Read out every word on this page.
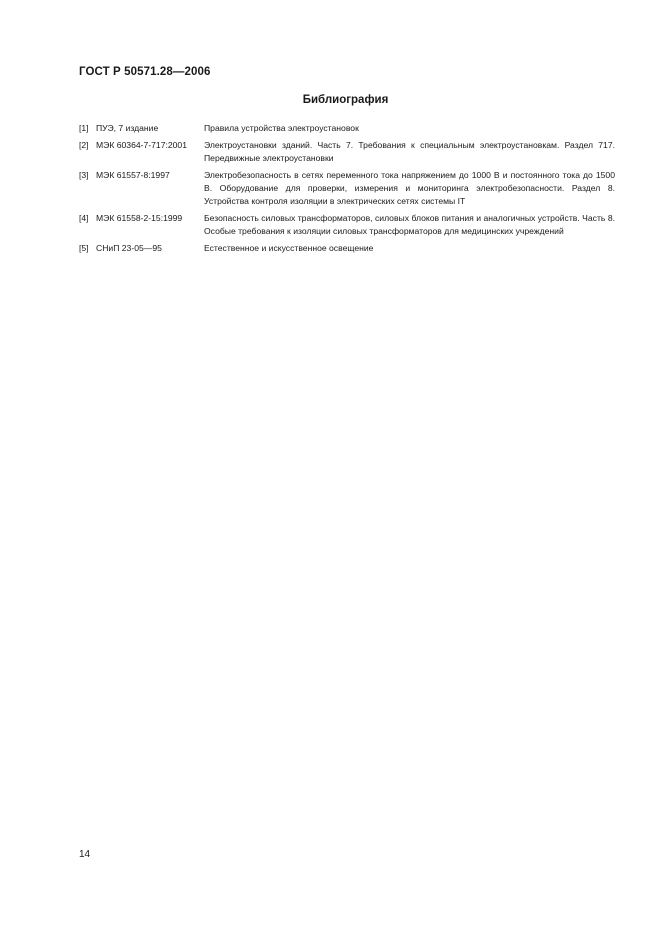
ГОСТ Р 50571.28—2006
Библиография
[1] ПУЭ, 7 издание	Правила устройства электроустановок
[2] МЭК 60364-7-717:2001	Электроустановки зданий. Часть 7. Требования к специальным электроустановкам. Раздел 717. Передвижные электроустановки
[3] МЭК 61557-8:1997	Электробезопасность в сетях переменного тока напряжением до 1000 В и постоянного тока до 1500 В. Оборудование для проверки, измерения и мониторинга электробезопасности. Раздел 8. Устройства контроля изоляции в электрических сетях системы IT
[4] МЭК 61558-2-15:1999	Безопасность силовых трансформаторов, силовых блоков питания и аналогичных устройств. Часть 8. Особые требования к изоляции силовых трансформаторов для медицинских учреждений
[5] СНиП 23-05—95	Естественное и искусственное освещение
14
